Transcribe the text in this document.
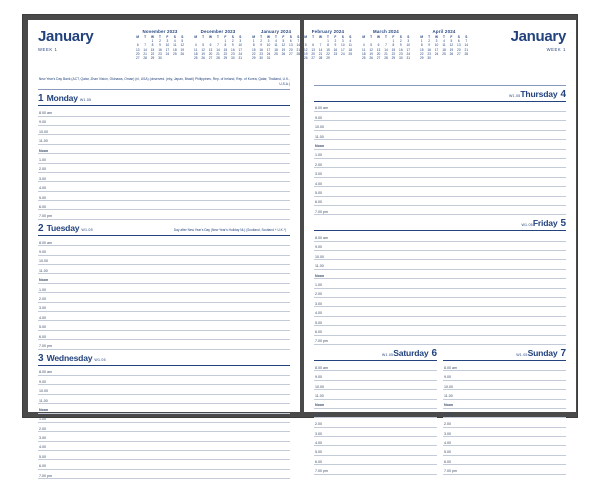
January
WEEK 1
November 2023
M	T	W	T	F	S	S
		1	2	3	4	5
6	7	8	9	10	11	12
13	14	15	16	17	18	19
20	21	22	23	24	25	26
27	28	29	30			
December 2023
M	T	W	T	F	S	S
				1	2	3
4	5	6	7	8	9	10
11	12	13	14	15	16	17
18	19	20	21	22	23	24
25	26	27	28	29	30	31
January 2024
M	T	W	T	F	S	S
1	2	3	4	5	6	7
8	9	10	11	12	13	14
15	16	17	18	19	20	21
22	23	24	25	26	27	28
29	30	31				
New Year's Day Bank (ACT, Qatar, Zhan Vision, Okinawa, Oman) (nl, USA) (observed. (eky, Japan, Brazil) Philippines, Rep. of Ireland, Rep. of Korea, Qatar, Thailand, U.K., U.S.A.)
1 Monday W1.05
8.00 am
9.00
10.00
11.00
Noon
1.00
2.00
3.00
4.00
5.00
6.00
7.00 pm
2 Tuesday W1.05	Day after New Year's Day (New Year's Holiday NL) (Scotland, Scotland + U.K.*)
8.00 am
9.00
10.00
11.00
Noon
1.00
2.00
3.00
4.00
5.00
6.00
7.00 pm
3 Wednesday W1.05
8.00 am
9.00
10.00
11.00
Noon
1.00
2.00
3.00
4.00
5.00
6.00
7.00 pm
January
WEEK 1
February 2024
M	T	W	T	F	S	S
			1	2	3	4
5	6	7	8	9	10	11
12	13	14	15	16	17	18
19	20	21	22	23	24	25
26	27	28	29			
March 2024
M	T	W	T	F	S	S
				1	2	3
4	5	6	7	8	9	10
11	12	13	14	15	16	17
18	19	20	21	22	23	24
25	26	27	28	29	30	31
April 2024
M	T	W	T	F	S	S
1	2	3	4	5	6	7
8	9	10	11	12	13	14
15	16	17	18	19	20	21
22	23	24	25	26	27	28
29	30					

W1.05 Thursday 4
8.00 am
9.00
10.00
11.00
Noon
1.00
2.00
3.00
4.00
5.00
6.00
7.00 pm
W1.05 Friday 5
8.00 am
9.00
10.00
11.00
Noon
1.00
2.00
3.00
4.00
5.00
6.00
7.00 pm
W1.05 Saturday 6
8.00 am
9.00
10.00
11.00
Noon
1.00
2.00
3.00
4.00
5.00
6.00
7.00 pm
W1.05 Sunday 7
8.00 am
9.00
10.00
11.00
Noon
1.00
2.00
3.00
4.00
5.00
6.00
7.00 pm
